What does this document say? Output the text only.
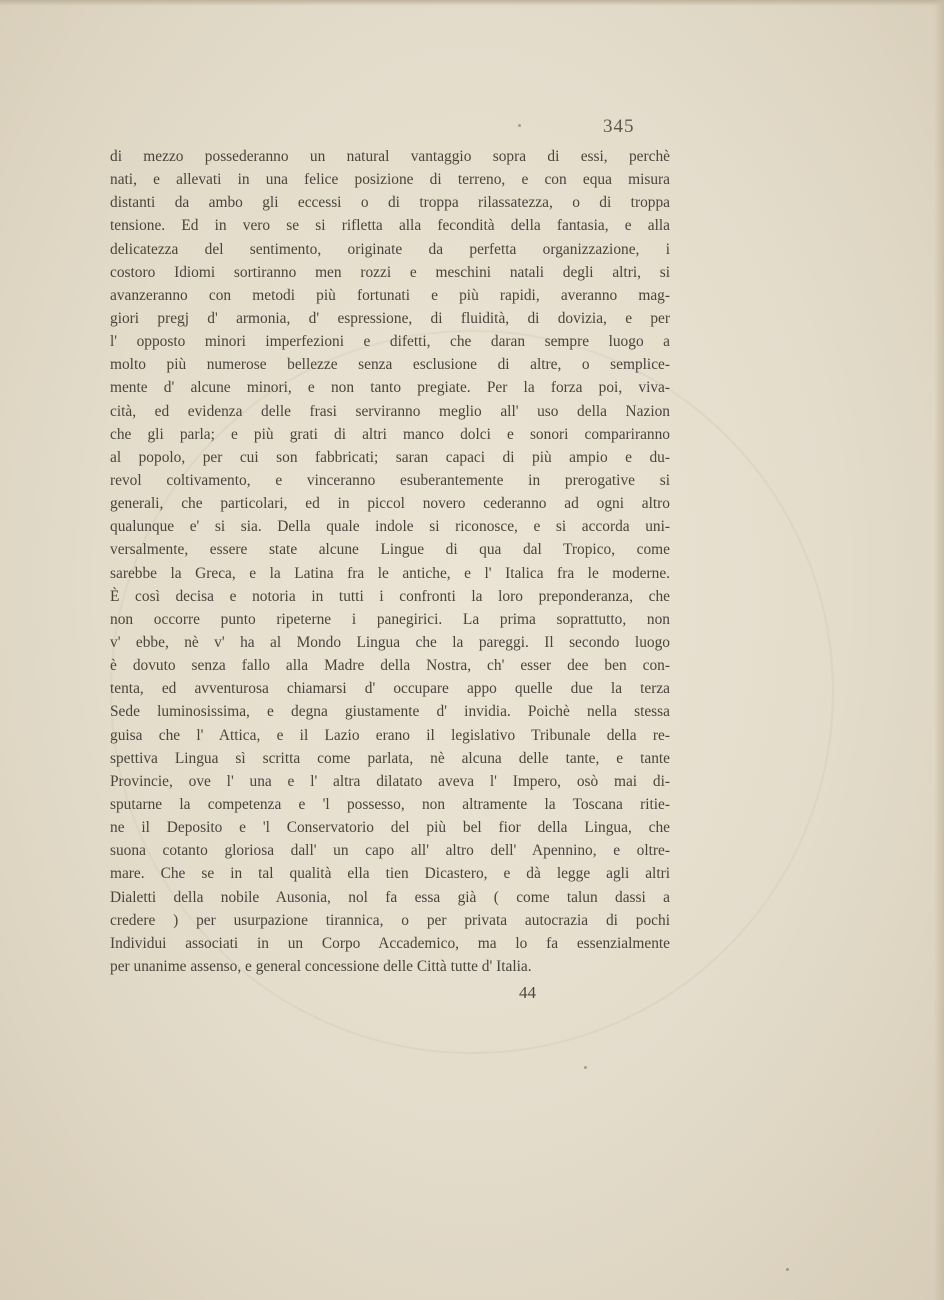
345
di mezzo possederanno un natural vantaggio sopra di essi, perchè
nati, e allevati in una felice posizione di terreno, e con equa misura
distanti da ambo gli eccessi o di troppa rilassatezza, o di troppa
tensione. Ed in vero se si rifletta alla fecondità della fantasia, e alla
delicatezza del sentimento, originate da perfetta organizzazione, i
costoro Idiomi sortiranno men rozzi e meschini natali degli altri, si
avanzeranno con metodi più fortunati e più rapidi, averanno mag-
giori pregj d' armonia, d' espressione, di fluidità, di dovizia, e per
l' opposto minori imperfezioni e difetti, che daran sempre luogo a
molto più numerose bellezze senza esclusione di altre, o semplice-
mente d' alcune minori, e non tanto pregiate. Per la forza poi, viva-
cità, ed evidenza delle frasi serviranno meglio all' uso della Nazion
che gli parla; e più grati di altri manco dolci e sonori compariranno
al popolo, per cui son fabbricati; saran capaci di più ampio e du-
revol coltivamento, e vinceranno esuberantemente in prerogative si
generali, che particolari, ed in piccol novero cederanno ad ogni altro
qualunque e' si sia. Della quale indole si riconosce, e si accorda uni-
versalmente, essere state alcune Lingue di qua dal Tropico, come
sarebbe la Greca, e la Latina fra le antiche, e l' Italica fra le moderne.
È così decisa e notoria in tutti i confronti la loro preponderanza, che
non occorre punto ripeterne i panegirici. La prima soprattutto, non
v' ebbe, nè v' ha al Mondo Lingua che la pareggi. Il secondo luogo
è dovuto senza fallo alla Madre della Nostra, ch' esser dee ben con-
tenta, ed avventurosa chiamarsi d' occupare appo quelle due la terza
Sede luminosissima, e degna giustamente d' invidia. Poichè nella stessa
guisa che l' Attica, e il Lazio erano il legislativo Tribunale della re-
spettiva Lingua sì scritta come parlata, nè alcuna delle tante, e tante
Provincie, ove l' una e l' altra dilatato aveva l' Impero, osò mai di-
sputarne la competenza e 'l possesso, non altramente la Toscana ritie-
ne il Deposito e 'l Conservatorio del più bel fior della Lingua, che
suona cotanto gloriosa dall' un capo all' altro dell' Apennino, e oltre-
mare. Che se in tal qualità ella tien Dicastero, e dà legge agli altri
Dialetti della nobile Ausonia, nol fa essa già ( come talun dassi a
credere ) per usurpazione tirannica, o per privata autocrazia di pochi
Individui associati in un Corpo Accademico, ma lo fa essenzialmente
per unanime assenso, e general concessione delle Città tutte d' Italia.
44
